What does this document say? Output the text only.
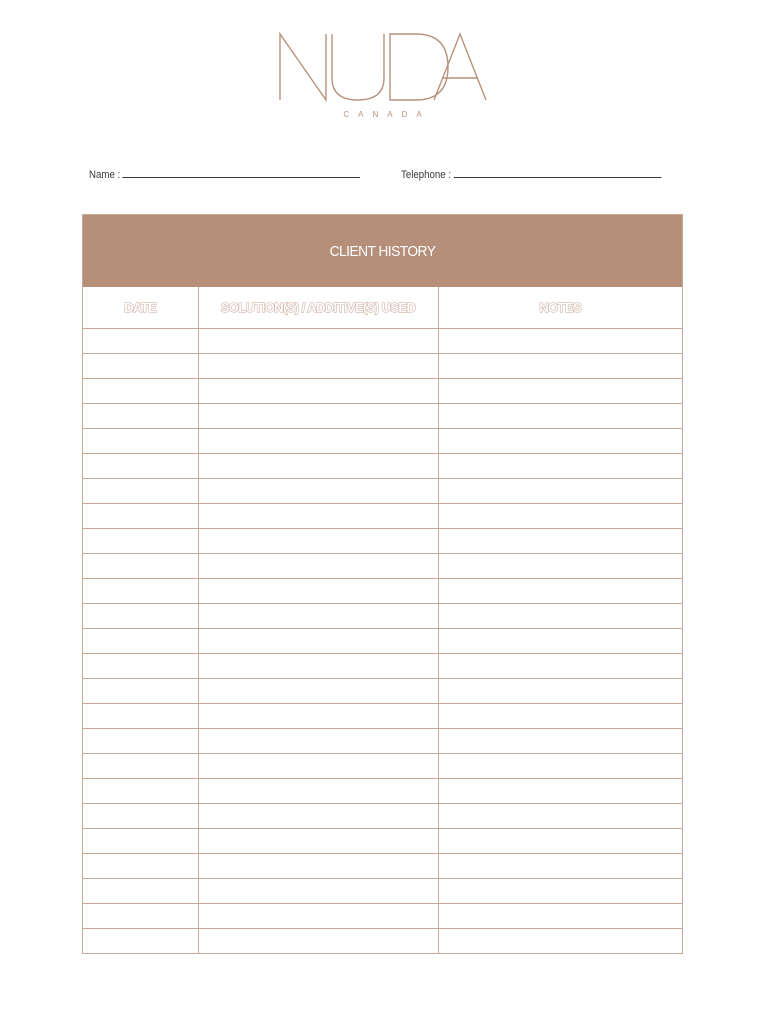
CANADA
Name :	Telephone :
CLIENT HISTORY
DATE	SOLUTION(S) / ADDITIVE(S) USED	NOTES
